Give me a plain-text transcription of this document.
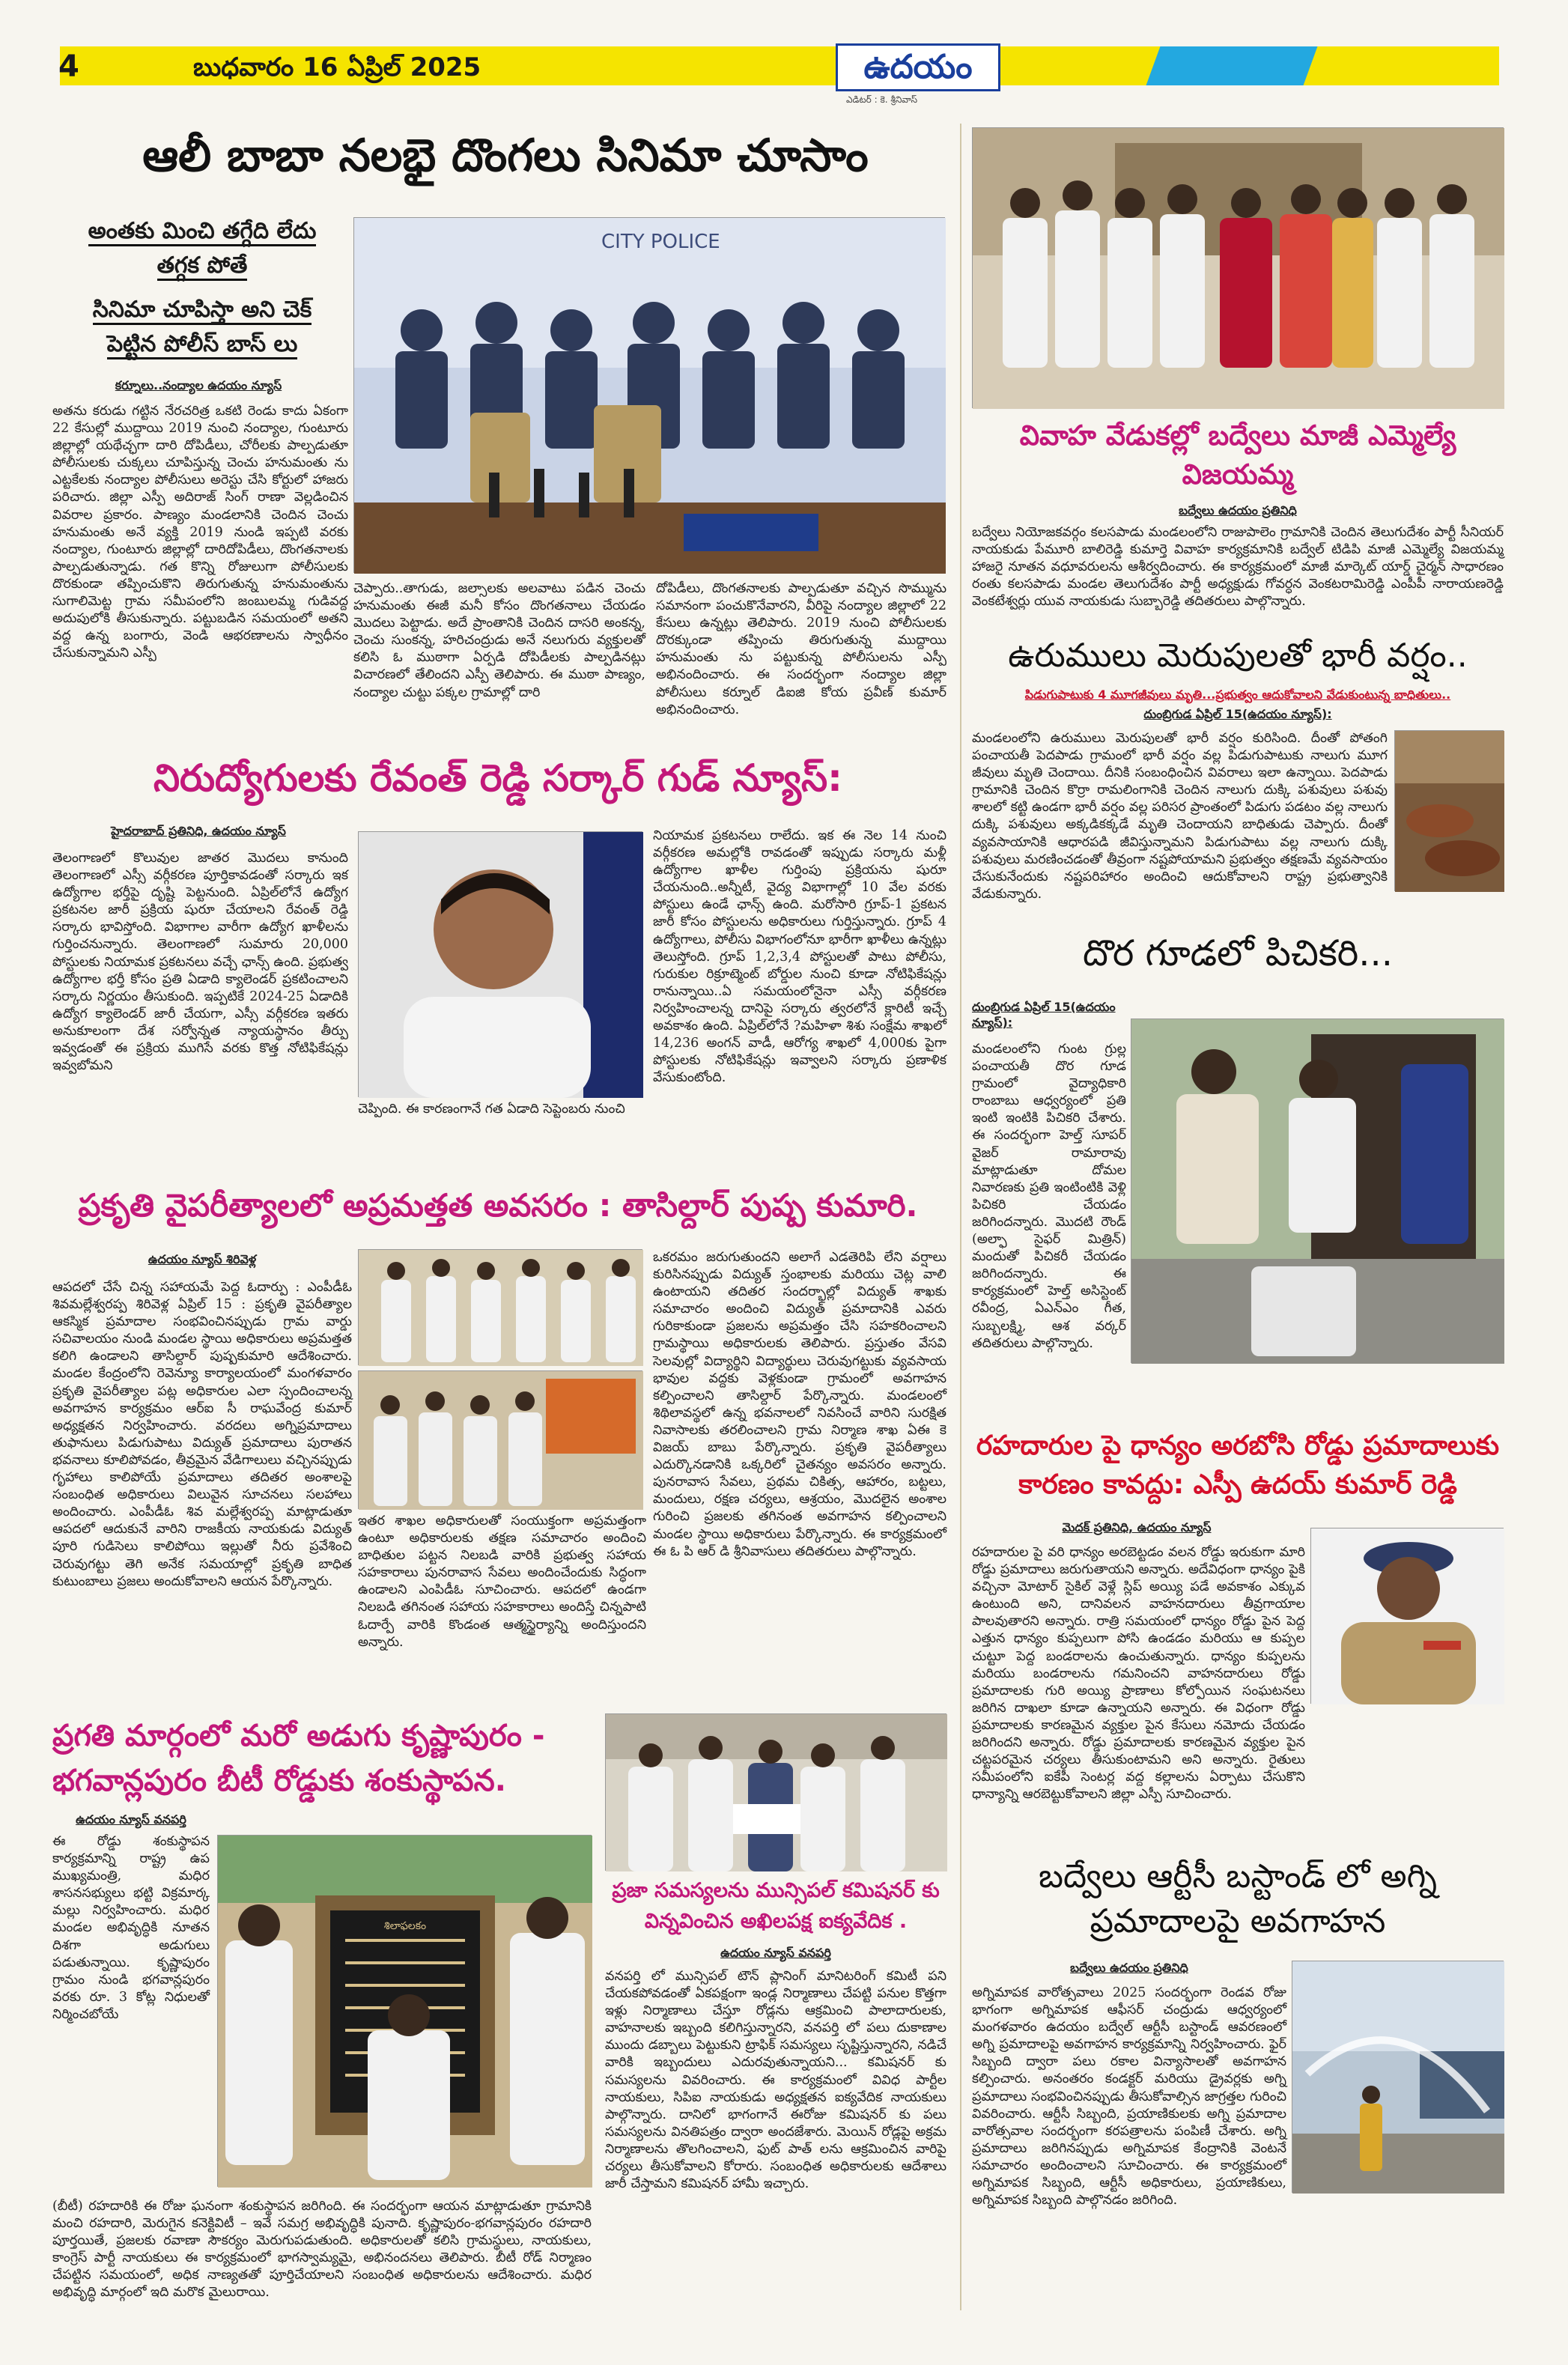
4	బుధవారం 16 ఏప్రిల్ 2025	ఉదయం
ఎడిటర్ : కె. శ్రీనివాస్
ఆలీ బాబా నలభై దొంగలు సినిమా చూసాం
అంతకు మించి తగ్గేది లేదు
తగ్గక పోతే
సినిమా చూపిస్తా అని చెక్
పెట్టిన పోలీస్ బాస్ లు
CITY POLICE
కర్నూలు..నంద్యాల ఉదయం న్యూస్
అతను కరుడు గట్టిన నేరచరిత్ర ఒకటి రెండు కాదు ఏకంగా 22 కేసుల్లో ముద్దాయి 2019 నుంచి నంద్యాల, గుంటూరు జిల్లాల్లో యథేచ్ఛగా దారి దోపిడీలు, చోరీలకు పాల్పడుతూ పోలీసులకు చుక్కలు చూపిస్తున్న చెంచు హనుమంతు ను ఎట్టకేలకు నంద్యాల పోలీసులు అరెస్టు చేసి కోర్టులో హాజరు పరిచారు. జిల్లా ఎస్పీ అదిరాజ్ సింగ్ రాణా వెల్లడించిన వివరాల ప్రకారం. పాణ్యం మండలానికి చెందిన చెంచు హనుమంతు అనే వ్యక్తి 2019 నుండి ఇప్పటి వరకు నంద్యాల, గుంటూరు జిల్లాల్లో దారిదోపిడీలు, దొంగతనాలకు పాల్పడుతున్నాడు. గత కొన్ని రోజులుగా పోలీసులకు దొరకుండా తప్పించుకొని తిరుగుతున్న హనుమంతును సుగాలిమెట్ట గ్రామ సమీపంలోని జంబులమ్మ గుడివద్ద అదుపులోకి తీసుకున్నారు. పట్టుబడిన సమయంలో అతని వద్ద ఉన్న బంగారు, వెండి ఆభరణాలను స్వాధీనం చేసుకున్నామని ఎస్పీ
చెప్పారు..తాగుడు, జల్సాలకు అలవాటు పడిన చెంచు హనుమంతు ఈజీ మనీ కోసం దొంగతనాలు చేయడం మొదలు పెట్టాడు. అదే ప్రాంతానికి చెందిన దాసరి అంకన్న, చెంచు సుంకన్న, హరిచంద్రుడు అనే నలుగురు వ్యక్తులతో కలిసి ఓ ముఠాగా ఏర్పడి దోపిడీలకు పాల్పడినట్లు విచారణలో తేలిందని ఎస్పీ తెలిపారు. ఈ ముఠా పాణ్యం, నంద్యాల చుట్టు పక్కల గ్రామాల్లో దారి
దోపిడీలు, దొంగతనాలకు పాల్పడుతూ వచ్చిన సొమ్మును సమానంగా పంచుకొనేవారని, వీరిపై నంద్యాల జిల్లాలో 22 కేసులు ఉన్నట్లు తెలిపారు. 2019 నుంచి పోలీసులకు దొరక్కుండా తప్పించు తిరుగుతున్న ముద్దాయి హనుమంతు ను పట్టుకున్న పోలీసులను ఎస్పీ అభినందించారు. ఈ సందర్భంగా నంద్యాల జిల్లా పోలీసులు కర్నూల్ డిఐజి కోయ ప్రవీణ్ కుమార్ అభినందించారు.
వివాహ వేడుకల్లో బద్వేలు మాజీ ఎమ్మెల్యే విజయమ్మ
బద్వేలు ఉదయం ప్రతినిధి
బద్వేలు నియోజకవర్గం కలసపాడు మండలంలోని రాజుపాలెం గ్రామానికి చెందిన తెలుగుదేశం పార్టీ సీనియర్ నాయకుడు పేమూరి బాలిరెడ్డి కుమార్తె వివాహ కార్యక్రమానికి బద్వేల్ టిడిపి మాజీ ఎమ్మెల్యే విజయమ్మ హాజరై నూతన వధూవరులను ఆశీర్వదించారు. ఈ కార్యక్రమంలో మాజీ మార్కెట్ యార్డ్ చైర్మన్ సాధారణం రంతు కలసపాడు మండల తెలుగుదేశం పార్టీ అధ్యక్షుడు గోవర్ధన వెంకటరామిరెడ్డి ఎంపీపీ నారాయణరెడ్డి వెంకటేశ్వర్లు యువ నాయకుడు సుబ్బారెడ్డి తదితరులు పాల్గొన్నారు.
ఉరుములు మెరుపులతో భారీ వర్షం..
పిడుగుపాటుకు 4 మూగజీవులు మృతి...ప్రభుత్వం ఆదుకోవాలని వేడుకుంటున్న బాధితులు..
దుంబ్రిగుడ ఏప్రిల్ 15(ఉదయం న్యూస్):
మండలంలోని ఉరుములు మెరుపులతో భారీ వర్షం కురిసింది. దీంతో పోతంగి పంచాయతీ పెదపాడు గ్రామంలో భారీ వర్షం వల్ల పిడుగుపాటుకు నాలుగు మూగ జీవులు మృతి చెందాయి. దీనికి సంబంధించిన వివరాలు ఇలా ఉన్నాయి. పెదపాడు గ్రామానికి చెందిన కొర్రా రామలింగానికి చెందిన నాలుగు దుక్కి పశువులు పశువు శాలలో కట్టి ఉండగా భారీ వర్షం వల్ల పరిసర ప్రాంతంలో పిడుగు పడటం వల్ల నాలుగు దుక్కి పశువులు అక్కడికక్కడే మృతి చెందాయని బాధితుడు చెప్పారు. దీంతో వ్యవసాయానికి ఆధారపడి జీవిస్తున్నామని పిడుగుపాటు వల్ల నాలుగు దుక్కి పశువులు మరణించడంతో తీవ్రంగా నష్టపోయామని ప్రభుత్వం తక్షణమే వ్యవసాయం చేసుకునేందుకు నష్టపరిహారం అందించి ఆదుకోవాలని రాష్ట్ర ప్రభుత్వానికి వేడుకున్నారు.
దొర గూడలో పిచికరి...
దుంబ్రిగుడ ఏప్రిల్ 15(ఉదయం న్యూస్):
మండలంలోని గుంట గ్రుల్ల పంచాయతీ దొర గూడ గ్రామంలో వైద్యాధికారి రాంబాబు ఆధ్వర్యంలో ప్రతి ఇంటి ఇంటికి పిచికరి చేశారు. ఈ సందర్భంగా హెల్త్ సూపర్ వైజర్ రామారావు మాట్లాడుతూ దోమల నివారణకు ప్రతి ఇంటింటికి వెళ్లి పిచికరి చేయడం జరిగిందన్నారు. మొదటి రౌండ్ (అల్ఫా సైఫర్ మిత్రిన్) మందుతో పిచికరీ చేయడం జరిగిందన్నారు. ఈ కార్యక్రమంలో హెల్త్ అసిస్టెంట్ రవీంద్ర, ఏఎన్ఎం గీత, సుబ్బలక్ష్మి, ఆశ వర్కర్ తదితరులు పాల్గొన్నారు.
నిరుద్యోగులకు రేవంత్ రెడ్డి సర్కార్ గుడ్ న్యూస్:
హైదరాబాద్ ప్రతినిధి, ఉదయం న్యూస్
తెలంగాణలో కొలువుల జాతర మొదలు కానుంది తెలంగాణలో ఎస్సీ వర్గీకరణ పూర్తికావడంతో సర్కారు ఇక ఉద్యోగాల భర్తీపై దృష్టి పెట్టనుంది. ఏప్రిల్‌లోనే ఉద్యోగ ప్రకటనల జారీ ప్రక్రియ షురూ చేయాలని రేవంత్ రెడ్డి సర్కారు భావిస్తోంది. విభాగాల వారీగా ఉద్యోగ ఖాళీలను గుర్తించనున్నారు. తెలంగాణలో సుమారు 20,000 పోస్టులకు నియామక ప్రకటనలు వచ్చే ఛాన్స్ ఉంది. ప్రభుత్వ ఉద్యోగాల భర్తీ కోసం ప్రతి ఏడాది క్యాలెండర్ ప్రకటించాలని సర్కారు నిర్ణయం తీసుకుంది. ఇప్పటికే 2024-25 ఏడాదికి ఉద్యోగ క్యాలెండర్ జారీ చేయగా, ఎస్సీ వర్గీకరణ ఇతరు అనుకూలంగా దేశ సర్వోన్నత న్యాయస్థానం తీర్పు ఇవ్వడంతో ఈ ప్రక్రియ ముగిసే వరకు కొత్త నోటిఫికేషన్లు ఇవ్వబోమని
చెప్పింది. ఈ కారణంగానే గత ఏడాది సెప్టెంబరు నుంచి
నియామక ప్రకటనలు రాలేదు. ఇక ఈ నెల 14 నుంచి వర్గీకరణ అమల్లోకి రావడంతో ఇప్పుడు సర్కారు మళ్లీ ఉద్యోగాల ఖాళీల గుర్తింపు ప్రక్రియను షురూ చేయనుంది..అన్నీటీ, వైద్య విభాగాల్లో 10 వేల వరకు పోస్టులు ఉండే ఛాన్స్ ఉంది. మరోసారి గ్రూప్-1 ప్రకటన జారీ కోసం పోస్టులను అధికారులు గుర్తిస్తున్నారు. గ్రూప్ 4 ఉద్యోగాలు, పోలీసు విభాగంలోనూ భారీగా ఖాళీలు ఉన్నట్లు తెలుస్తోంది. గ్రూప్ 1,2,3,4 పోస్టులతో పాటు పోలీసు, గురుకుల రిక్రూట్మెంట్ బోర్డుల నుంచి కూడా నోటిఫికేషన్లు రానున్నాయి..ఏ సమయంలోనైనా ఎస్సీ వర్గీకరణ నిర్వహించాలన్న దానిపై సర్కారు త్వరలోనే క్లారిటీ ఇచ్చే అవకాశం ఉంది. ఏప్రిల్‌లోనే ?మహిళా శిశు సంక్షేమ శాఖలో 14,236 అంగన్ వాడీ, ఆరోగ్య శాఖలో 4,000కు పైగా పోస్టులకు నోటిఫికేషన్లు ఇవ్వాలని సర్కారు ప్రణాళిక వేసుకుంటోంది.
ప్రకృతి వైపరీత్యాలలో అప్రమత్తత అవసరం : తాసిల్దార్ పుష్ప కుమారి.
ఉదయం న్యూస్ శిరివెళ్ల
ఆపదలో చేసే చిన్న సహాయమే పెద్ద ఓదార్పు : ఎంపీడీఓ శివమల్లేశ్వరప్ప శిరివెళ్ల ఏప్రిల్ 15 : ప్రకృతి వైపరీత్యాల ఆకస్మిక ప్రమాదాల సంభవించినప్పుడు గ్రామ వార్డు సచివాలయం నుండి మండల స్థాయి అధికారులు అప్రమత్తత కలిగి ఉండాలని తాసిల్దార్ పుష్పకుమారి ఆదేశించారు. మండల కేంద్రంలోని రెవెన్యూ కార్యాలయంలో మంగళవారం ప్రకృతి వైపరీత్యాల పట్ల అధికారుల ఎలా స్పందించాలన్న అవగాహన కార్యక్రమం ఆర్ఐ సీ రాఘవేంద్ర కుమార్ అధ్యక్షతన నిర్వహించారు. వరదలు అగ్నిప్రమాదాలు తుఫానులు పిడుగుపాటు విద్యుత్ ప్రమాదాలు పురాతన భవనాలు కూలిపోవడం, తీవ్రమైన వేడిగాలులు వచ్చినప్పుడు గృహాలు కాలిపోయే ప్రమాదాలు తదితర అంశాలపై సంబంధిత అధికారులు విలువైన సూచనలు సలహాలు అందించారు. ఎంపీడీఓ శివ మల్లేశ్వరప్ప మాట్లాడుతూ ఆపదలో ఆదుకునే వారిని రాజకీయ నాయకుడు విద్యుత్ పూరి గుడిసెలు కాలిపోయి ఇల్లుతో నీరు ప్రవేశించి చెరువుగట్టు తెగి అనేక సమయాల్లో ప్రకృతి బాధిత కుటుంబాలు ప్రజలు అందుకోవాలని ఆయన పేర్కొన్నారు.
ఇతర శాఖల అధికారులతో సంయుక్తంగా అప్రమత్తంగా ఉంటూ అధికారులకు తక్షణ సమాచారం అందించి బాధితుల పట్టన నిలబడి వారికి ప్రభుత్వ సహాయ సహకారాలు పునరావాస సేవలు అందించేందుకు సిద్ధంగా ఉండాలని ఎంపిడీఓ సూచించారు. ఆపదలో ఉండగా నిలబడి తగినంత సహాయ సహకారాలు అందిస్తే చిన్నపాటి ఓదార్పే వారికి కొండంత ఆత్మస్థైర్యాన్ని అందిస్తుందని అన్నారు.
ఒకరమం జరుగుతుందని అలాగే ఎడతెరిపి లేని వర్షాలు కురిసినప్పుడు విద్యుత్ స్తంభాలకు మరియు చెట్ల వాలి ఉంటాయని తదితర సందర్భాల్లో విద్యుత్ శాఖకు సమాచారం అందించి విద్యుత్ ప్రమాదానికి ఎవరు గురికాకుండా ప్రజలను అప్రమత్తం చేసి సహకరించాలని గ్రామస్థాయి అధికారులకు తెలిపారు. ప్రస్తుతం వేసవి సెలవుల్లో విద్యార్థిని విద్యార్థులు చెరువుగట్టుకు వ్యవసాయ భావుల వద్దకు వెళ్లకుండా గ్రామంలో అవగాహన కల్పించాలని తాసిల్దార్ పేర్కొన్నారు. మండలంలో శిథిలావస్థలో ఉన్న భవనాలలో నివసించే వారిని సురక్షిత నివాసాలకు తరలించాలని గ్రామ నిర్మాణ శాఖ ఏఈ కె విజయ్ బాబు పేర్కొన్నారు. ప్రకృతి వైపరీత్యాలు ఎదుర్కొనడానికి ఒక్కరిలో చైతన్యం అవసరం అన్నారు. పునరావాస సేవలు, ప్రథమ చికిత్స, ఆహారం, బట్టలు, మందులు, రక్షణ చర్యలు, ఆశ్రయం, మొదలైన అంశాల గురించి ప్రజలకు తగినంత అవగాహన కల్పించాలని మండల స్థాయి అధికారులు పేర్కొన్నారు. ఈ కార్యక్రమంలో ఈ ఓ పి ఆర్ డి శ్రీనివాసులు తదితరులు పాల్గొన్నారు.
రహదారుల పై ధాన్యం అరబోసి రోడ్డు ప్రమాదాలుకు కారణం కావద్దు: ఎస్పీ ఉదయ్ కుమార్ రెడ్డి
మెదక్ ప్రతినిధి, ఉదయం న్యూస్
రహదారుల పై వరి ధాన్యం అరబెట్టడం వలన రోడ్డు ఇరుకుగా మారి రోడ్డు ప్రమాదాలు జరుగుతాయని అన్నారు. అదేవిధంగా ధాన్యం పైకి వచ్చినా మోటార్ సైకిల్ వెళ్లే స్లిప్ అయ్యి పడే అవకాశం ఎక్కువ ఉంటుంది అని, దానివలన వాహనదారులు తీవ్రగాయాల పాలవుతారని అన్నారు. రాత్రి సమయంలో ధాన్యం రోడ్డు పైన పెద్ద ఎత్తున ధాన్యం కుప్పలుగా పోసి ఉండడం మరియు ఆ కుప్పల చుట్టూ పెద్ద బండరాలను ఉంచుతున్నారు. ధాన్యం కుప్పలను మరియు బండరాలను గమనించని వాహనదారులు రోడ్డు ప్రమాదాలకు గురి అయ్యి ప్రాణాలు కోల్పోయిన సంఘటనలు జరిగిన దాఖలా కూడా ఉన్నాయని అన్నారు. ఈ విధంగా రోడ్డు ప్రమాదాలకు కారణమైన వ్యక్తుల పైన కేసులు నమోదు చేయడం జరిగిందని అన్నారు. రోడ్డు ప్రమాదాలకు కారణమైన వ్యక్తుల పైన చట్టపరమైన చర్యలు తీసుకుంటామని అని అన్నారు. రైతులు సమీపంలోని ఐకేపీ సెంటర్ల వద్ద కల్లాలను ఏర్పాటు చేసుకొని ధాన్యాన్ని ఆరబెట్టుకోవాలని జిల్లా ఎస్పీ సూచించారు.
ప్రగతి మార్గంలో మరో అడుగు కృష్ణాపురం - భగవాన్లపురం బీటీ రోడ్డుకు శంకుస్థాపన.
ఉదయం న్యూస్ వనపర్తి
ఈ రోడ్డు శంకుస్థాపన కార్యక్రమాన్ని రాష్ట్ర ఉప ముఖ్యమంత్రి, మధిర శాసనసభ్యులు భట్టి విక్రమార్క మల్లు నిర్వహించారు. మధిర మండల అభివృద్ధికి నూతన దిశగా అడుగులు పడుతున్నాయి. కృష్ణాపురం గ్రామం నుండి భగవాన్లపురం వరకు రూ. 3 కోట్ల నిధులతో నిర్మించబోయే
శిలాఫలకం
(బీటీ) రహదారికి ఈ రోజు ఘనంగా శంకుస్థాపన జరిగింది. ఈ సందర్భంగా ఆయన మాట్లాడుతూ గ్రామానికి మంచి రహదారి, మెరుగైన కనెక్టివిటీ – ఇవే సమగ్ర అభివృద్ధికి పునాది. కృష్ణాపురం-భగవాన్లపురం రహదారి పూర్తయితే, ప్రజలకు రవాణా సౌకర్యం మెరుగుపడుతుంది. అధికారులతో కలిసి గ్రామస్థులు, నాయకులు, కాంగ్రెస్ పార్టీ నాయకులు ఈ కార్యక్రమంలో భాగస్వామ్యమై, అభినందనలు తెలిపారు. బీటీ రోడ్ నిర్మాణం చేపట్టిన సమయంలో, అధిక నాణ్యతతో పూర్తిచేయాలని సంబంధిత అధికారులను ఆదేశించారు. మధిర అభివృద్ధి మార్గంలో ఇది మరొక మైలురాయి.
ప్రజా సమస్యలను మున్సిపల్ కమిషనర్ కు విన్నవించిన అఖిలపక్ష ఐక్యవేదిక .
ఉదయం న్యూస్ వనపర్తి
వనపర్తి లో మున్సిపల్ టౌన్ ప్లానింగ్ మానిటరింగ్ కమిటీ పని చేయకపోవడంతో ఏకపక్షంగా ఇండ్ల నిర్మాణాలు చేపట్టి పనుల కొత్తగా ఇళ్లు నిర్మాణాలు చేస్తూ రోడ్లను ఆక్రమించి పాలాదారులకు, వాహనాలకు ఇబ్బంది కలిగిస్తున్నారని, వనపర్తి లో పలు దుకాణాల ముందు డబ్బాలు పెట్టుకుని ట్రాఫిక్ సమస్యలు సృష్టిస్తున్నారని, నడిచే వారికి ఇబ్బందులు ఎదురవుతున్నాయని... కమిషనర్ కు సమస్యలను వివరించారు. ఈ కార్యక్రమంలో వివిధ పార్టీల నాయకులు, సిపిఐ నాయకుడు అధ్యక్షతన ఐక్యవేదిక నాయకులు పాల్గొన్నారు. దానిలో భాగంగానే ఈరోజు కమిషనర్ కు పలు సమస్యలను వినతిపత్రం ద్వారా అందజేశారు. మెయిన్ రోడ్లపై అక్రమ నిర్మాణాలను తొలగించాలని, ఫుట్ పాత్ లను ఆక్రమించిన వారిపై చర్యలు తీసుకోవాలని కోరారు. సంబంధిత అధికారులకు ఆదేశాలు జారీ చేస్తామని కమిషనర్ హామీ ఇచ్చారు.
బద్వేలు ఆర్టీసీ బస్టాండ్ లో అగ్ని
ప్రమాదాలపై అవగాహన
బద్వేలు ఉదయం ప్రతినిధి
అగ్నిమాపక వారోత్సవాలు 2025 సందర్భంగా రెండవ రోజు భాగంగా అగ్నిమాపక ఆఫీసర్ చంద్రుడు ఆధ్వర్యంలో మంగళవారం ఉదయం బద్వేల్ ఆర్టీసీ బస్టాండ్ ఆవరణంలో అగ్ని ప్రమాదాలపై అవగాహన కార్యక్రమాన్ని నిర్వహించారు. ఫైర్ సిబ్బంది ద్వారా పలు రకాల విన్యాసాలతో అవగాహన కల్పించారు. అనంతరం కండక్టర్ మరియు డ్రైవర్లకు అగ్ని ప్రమాదాలు సంభవించినప్పుడు తీసుకోవాల్సిన జాగ్రత్తల గురించి వివరించారు. ఆర్టీసీ సిబ్బంది, ప్రయాణికులకు అగ్ని ప్రమాదాల వారోత్సవాల సందర్భంగా కరపత్రాలను పంపిణీ చేశారు. అగ్ని ప్రమాదాలు జరిగినప్పుడు అగ్నిమాపక కేంద్రానికి వెంటనే సమాచారం అందించాలని సూచించారు. ఈ కార్యక్రమంలో అగ్నిమాపక సిబ్బంది, ఆర్టీసీ అధికారులు, ప్రయాణికులు, అగ్నిమాపక సిబ్బంది పాల్గొనడం జరిగింది.
